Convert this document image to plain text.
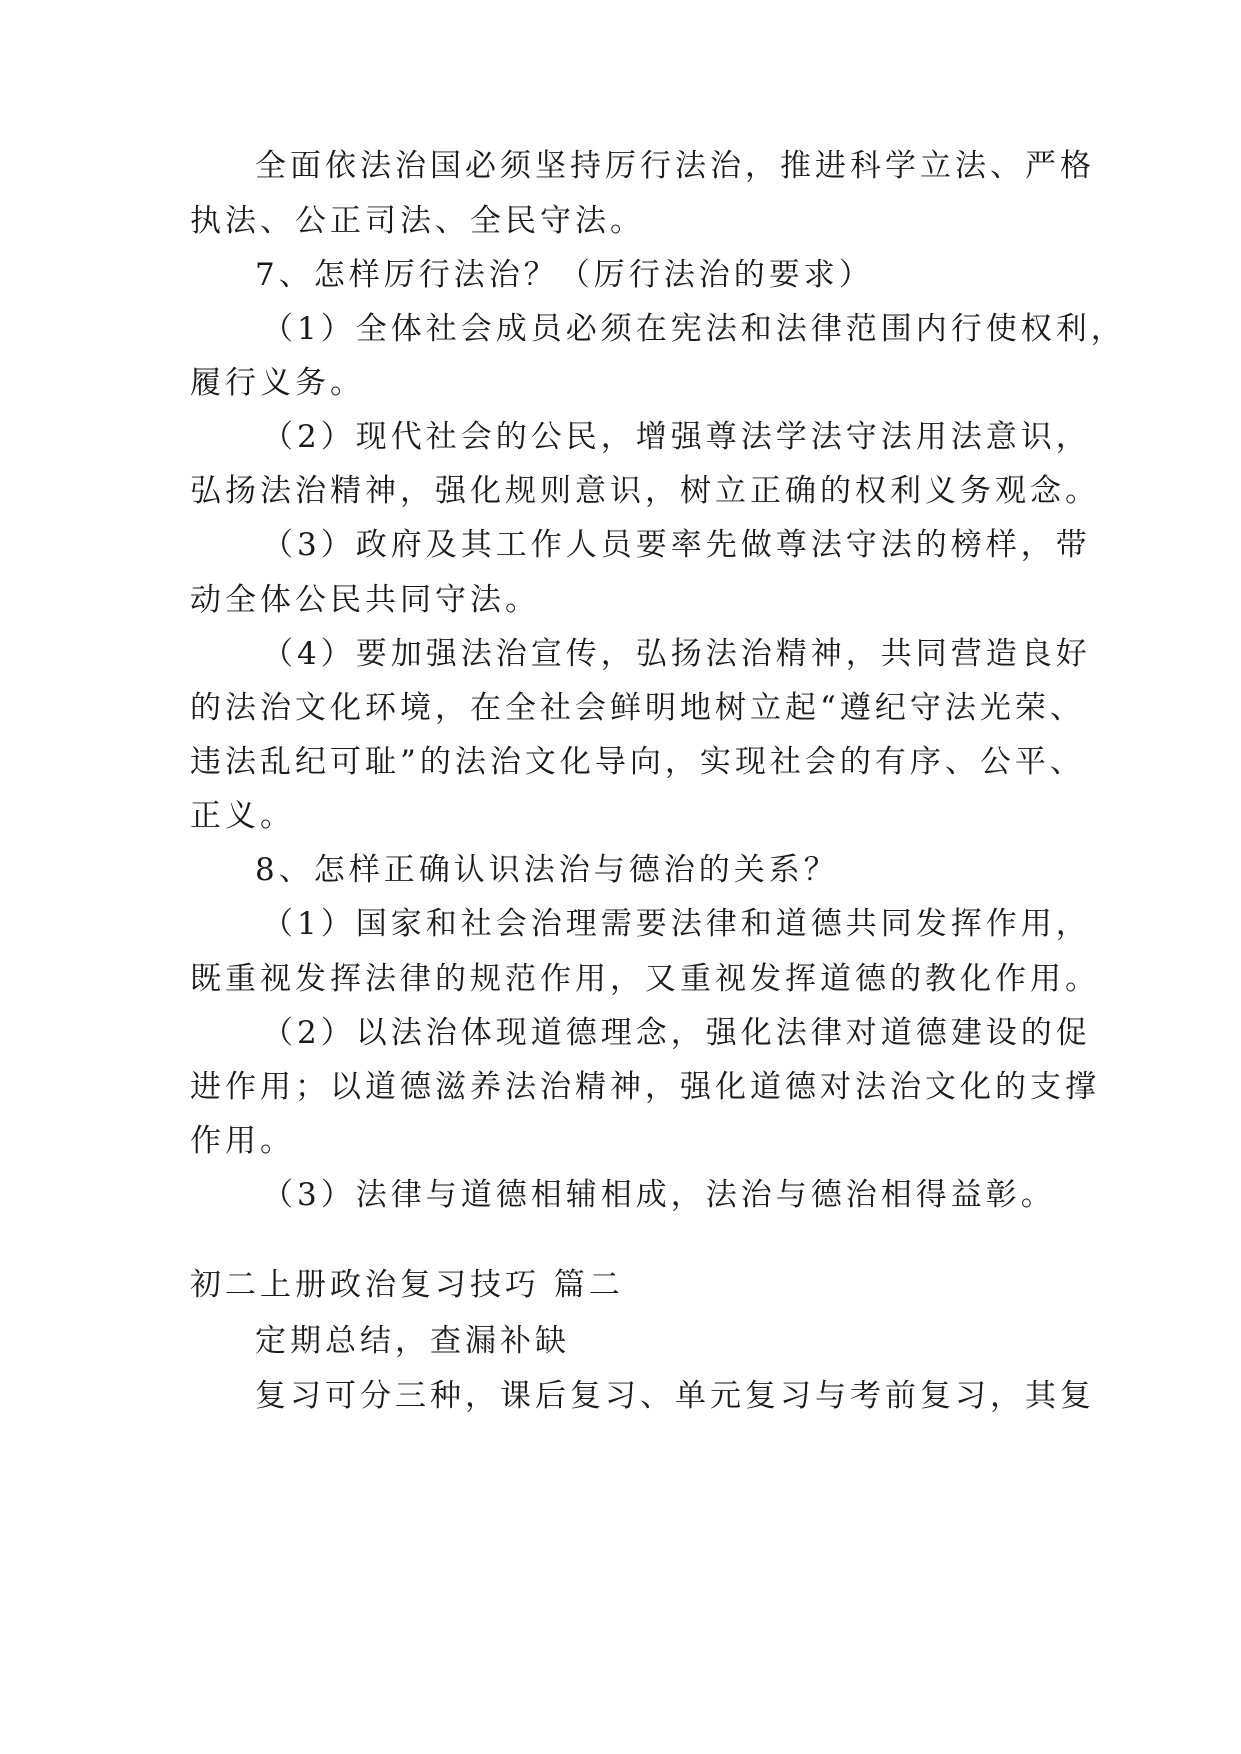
全面依法治国必须坚持厉行法治，推进科学立法、严格
执法、公正司法、全民守法。
7、怎样厉行法治？（厉行法治的要求）
（1）全体社会成员必须在宪法和法律范围内行使权利，
履行义务。
（2）现代社会的公民，增强尊法学法守法用法意识，
弘扬法治精神，强化规则意识，树立正确的权利义务观念。
（3）政府及其工作人员要率先做尊法守法的榜样，带
动全体公民共同守法。
（4）要加强法治宣传，弘扬法治精神，共同营造良好
的法治文化环境，在全社会鲜明地树立起“遵纪守法光荣、
违法乱纪可耻”的法治文化导向，实现社会的有序、公平、
正义。
8、怎样正确认识法治与德治的关系？
（1）国家和社会治理需要法律和道德共同发挥作用，
既重视发挥法律的规范作用，又重视发挥道德的教化作用。
（2）以法治体现道德理念，强化法律对道德建设的促
进作用；以道德滋养法治精神，强化道德对法治文化的支撑
作用。
（3）法律与道德相辅相成，法治与德治相得益彰。
初二上册政治复习技巧 篇二
定期总结，查漏补缺
复习可分三种，课后复习、单元复习与考前复习，其复
